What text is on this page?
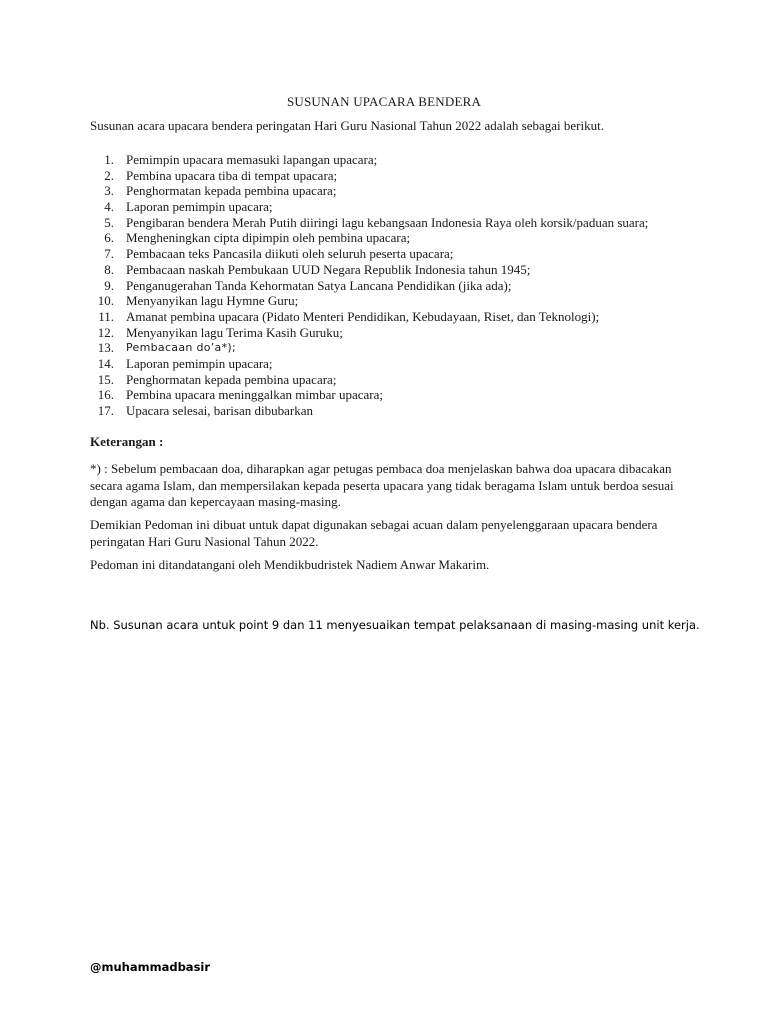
SUSUNAN UPACARA BENDERA
Susunan acara upacara bendera peringatan Hari Guru Nasional Tahun 2022 adalah sebagai berikut.
1. Pemimpin upacara memasuki lapangan upacara;
2. Pembina upacara tiba di tempat upacara;
3. Penghormatan kepada pembina upacara;
4. Laporan pemimpin upacara;
5. Pengibaran bendera Merah Putih diiringi lagu kebangsaan Indonesia Raya oleh korsik/paduan suara;
6. Mengheningkan cipta dipimpin oleh pembina upacara;
7. Pembacaan teks Pancasila diikuti oleh seluruh peserta upacara;
8. Pembacaan naskah Pembukaan UUD Negara Republik Indonesia tahun 1945;
9. Penganugerahan Tanda Kehormatan Satya Lancana Pendidikan (jika ada);
10. Menyanyikan lagu Hymne Guru;
11. Amanat pembina upacara (Pidato Menteri Pendidikan, Kebudayaan, Riset, dan Teknologi);
12. Menyanyikan lagu Terima Kasih Guruku;
13.	Pembacaan do’a*);
14. Laporan pemimpin upacara;
15. Penghormatan kepada pembina upacara;
16. Pembina upacara meninggalkan mimbar upacara;
17. Upacara selesai, barisan dibubarkan
Keterangan :
*) : Sebelum pembacaan doa, diharapkan agar petugas pembaca doa menjelaskan bahwa doa upacara dibacakan secara agama Islam, dan mempersilakan kepada peserta upacara yang tidak beragama Islam untuk berdoa sesuai dengan agama dan kepercayaan masing-masing.
Demikian Pedoman ini dibuat untuk dapat digunakan sebagai acuan dalam penyelenggaraan upacara bendera peringatan Hari Guru Nasional Tahun 2022.
Pedoman ini ditandatangani oleh Mendikbudristek Nadiem Anwar Makarim.
Nb. Susunan acara untuk point 9 dan 11 menyesuaikan tempat pelaksanaan di masing-masing unit kerja.
@muhammadbasir
